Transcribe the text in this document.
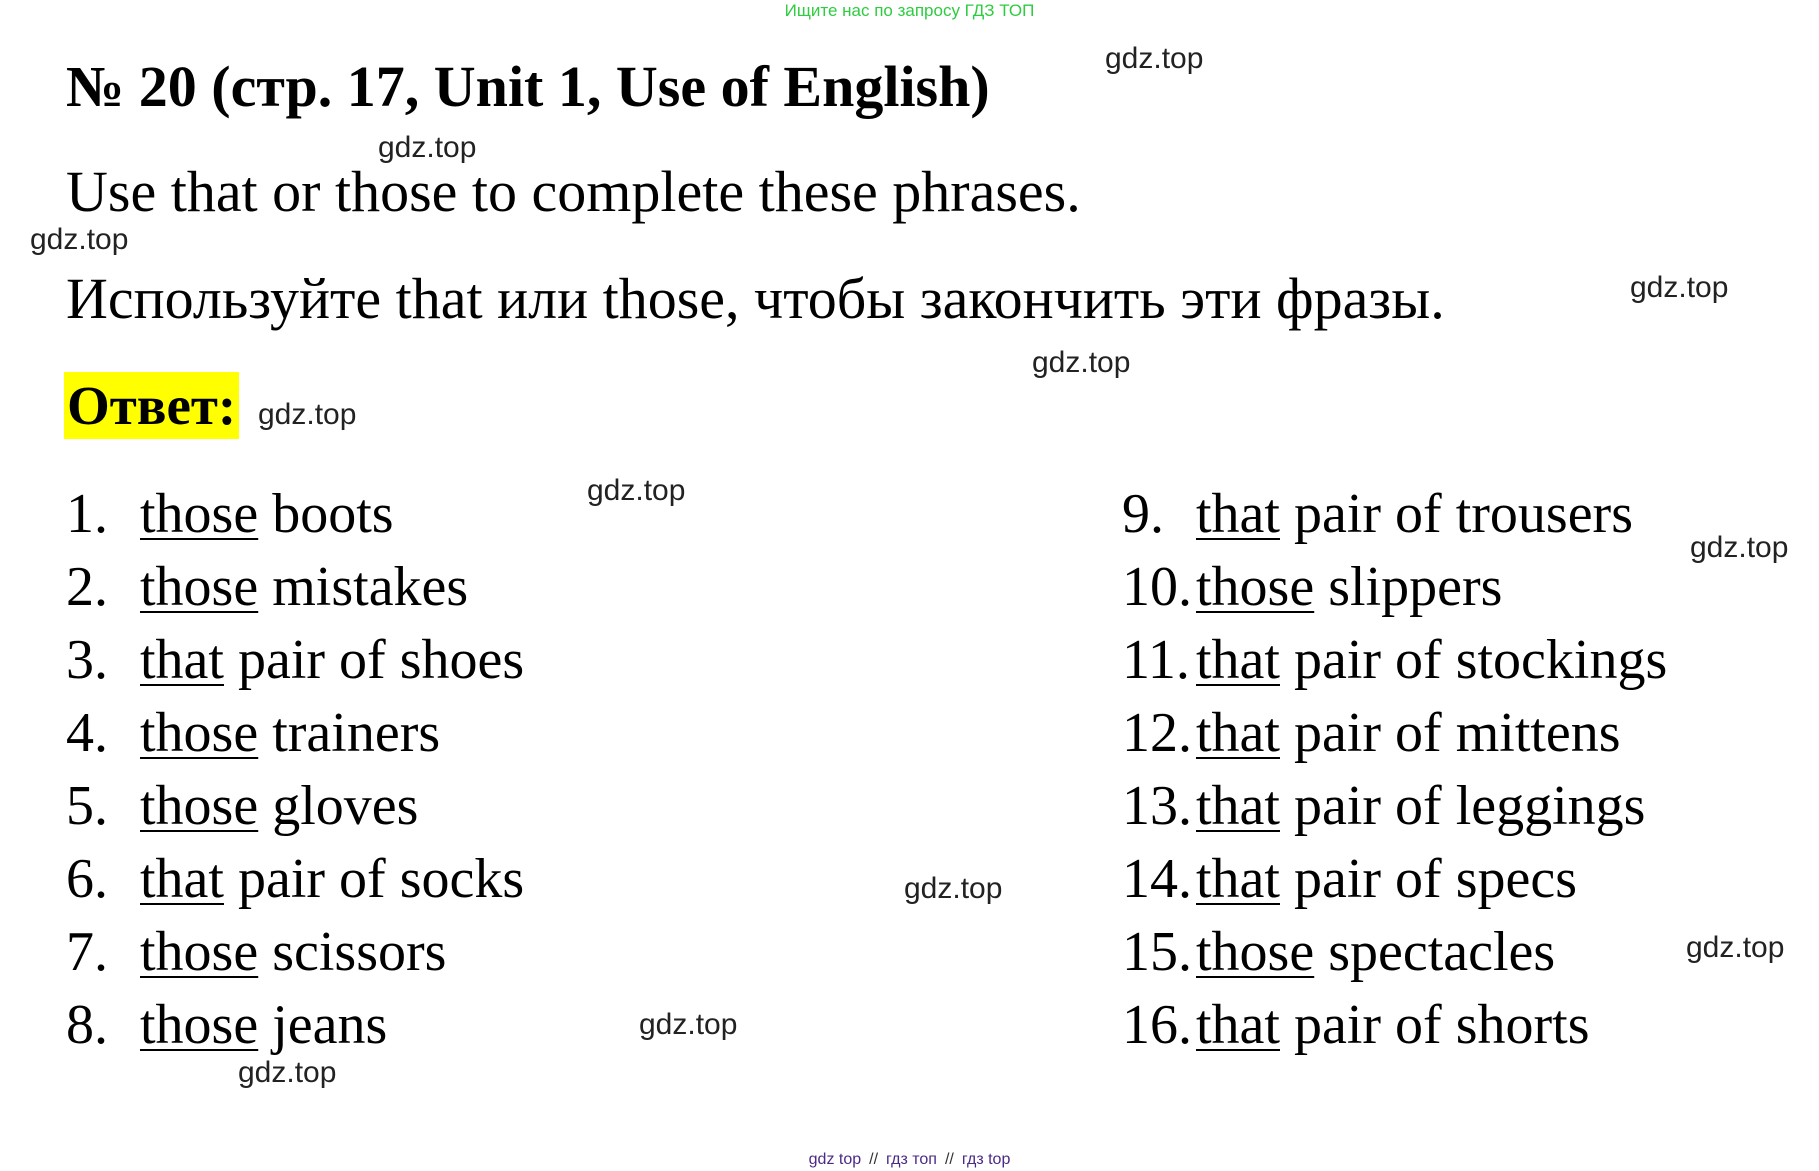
Ищите нас по запросу ГДЗ ТОП
№ 20 (стр. 17, Unit 1, Use of English)
Use that or those to complete these phrases.
Используйте that или those, чтобы закончить эти фразы.
Ответ:
1. those boots
2. those mistakes
3. that pair of shoes
4. those trainers
5. those gloves
6. that pair of socks
7. those scissors
8. those jeans
9. that pair of trousers
10.those slippers
11. that pair of stockings
12.that pair of mittens
13.that pair of leggings
14.that pair of specs
15.those spectacles
16.that pair of shorts
gdz.top
gdz.top
gdz.top
gdz.top
gdz.top
gdz.top
gdz.top
gdz.top
gdz.top
gdz.top
gdz.top
gdz.top
gdz top // гдз топ // гдз top
